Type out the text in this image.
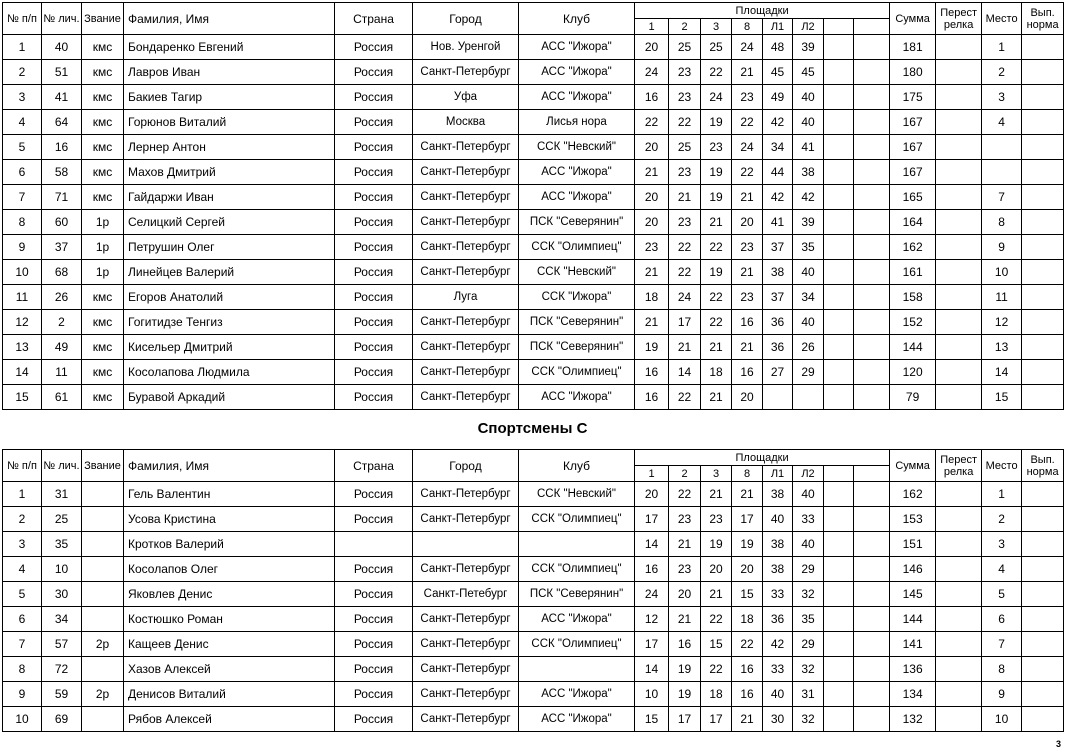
№ п/п	№ лич.	Звание	Фамилия, Имя	Страна	Город	Клуб	Площадки								Сумма	Перест релка	Место	Вып. норма
							1	2	3	8	Л1	Л2						
1	40	кмс	Бондаренко Евгений	Россия	Нов. Уренгой	АСС "Ижора"	20	25	25	24	48	39			181		1	
2	51	кмс	Лавров Иван	Россия	Санкт-Петербург	АСС "Ижора"	24	23	22	21	45	45			180		2	
3	41	кмс	Бакиев Тагир	Россия	Уфа	АСС "Ижора"	16	23	24	23	49	40			175		3	
4	64	кмс	Горюнов Виталий	Россия	Москва	Лисья нора	22	22	19	22	42	40			167		4	
5	16	кмс	Лернер Антон	Россия	Санкт-Петербург	ССК "Невский"	20	25	23	24	34	41			167			
6	58	кмс	Махов Дмитрий	Россия	Санкт-Петербург	АСС "Ижора"	21	23	19	22	44	38			167			
7	71	кмс	Гайдаржи Иван	Россия	Санкт-Петербург	АСС "Ижора"	20	21	19	21	42	42			165		7	
8	60	1р	Селицкий Сергей	Россия	Санкт-Петербург	ПСК "Северянин"	20	23	21	20	41	39			164		8	
9	37	1р	Петрушин Олег	Россия	Санкт-Петербург	ССК "Олимпиец"	23	22	22	23	37	35			162		9	
10	68	1р	Линейцев Валерий	Россия	Санкт-Петербург	ССК "Невский"	21	22	19	21	38	40			161		10	
11	26	кмс	Егоров Анатолий	Россия	Луга	ССК "Ижора"	18	24	22	23	37	34			158		11	
12	2	кмс	Гогитидзе Тенгиз	Россия	Санкт-Петербург	ПСК "Северянин"	21	17	22	16	36	40			152		12	
13	49	кмс	Кисельер Дмитрий	Россия	Санкт-Петербург	ПСК "Северянин"	19	21	21	21	36	26			144		13	
14	11	кмс	Косолапова Людмила	Россия	Санкт-Петербург	ССК "Олимпиец"	16	14	18	16	27	29			120		14	
15	61	кмс	Буравой Аркадий	Россия	Санкт-Петербург	АСС "Ижора"	16	22	21	20					79		15	
Спортсмены С
№ п/п	№ лич.	Звание	Фамилия, Имя	Страна	Город	Клуб	Площадки								Сумма	Перест релка	Место	Вып. норма
							1	2	3	8	Л1	Л2						
1	31		Гель Валентин	Россия	Санкт-Петербург	ССК "Невский"	20	22	21	21	38	40			162		1	
2	25		Усова Кристина	Россия	Санкт-Петербург	ССК "Олимпиец"	17	23	23	17	40	33			153		2	
3	35		Кротков Валерий				14	21	19	19	38	40			151		3	
4	10		Косолапов Олег	Россия	Санкт-Петербург	ССК "Олимпиец"	16	23	20	20	38	29			146		4	
5	30		Яковлев Денис	Россия	Санкт-Петебург	ПСК "Северянин"	24	20	21	15	33	32			145		5	
6	34		Костюшко Роман	Россия	Санкт-Петербург	АСС "Ижора"	12	21	22	18	36	35			144		6	
7	57	2р	Кащеев Денис	Россия	Санкт-Петербург	ССК "Олимпиец"	17	16	15	22	42	29			141		7	
8	72		Хазов Алексей	Россия	Санкт-Петербург		14	19	22	16	33	32			136		8	
9	59	2р	Денисов Виталий	Россия	Санкт-Петербург	АСС "Ижора"	10	19	18	16	40	31			134		9	
10	69		Рябов Алексей	Россия	Санкт-Петербург	АСС "Ижора"	15	17	17	21	30	32			132		10	
3
